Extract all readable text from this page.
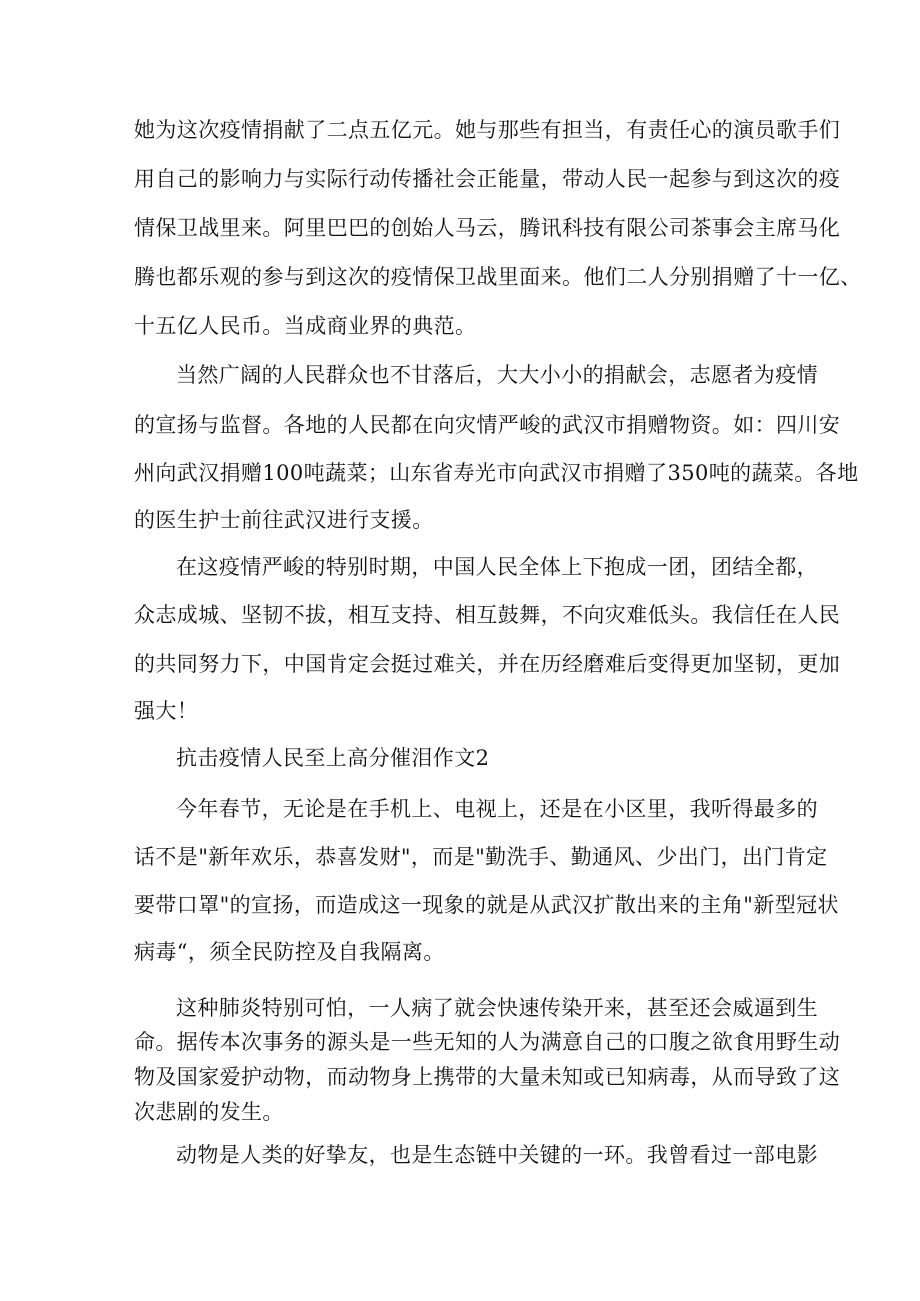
她为这次疫情捐献了二点五亿元。她与那些有担当，有责任心的演员歌手们
用自己的影响力与实际行动传播社会正能量，带动人民一起参与到这次的疫
情保卫战里来。阿里巴巴的创始人马云，腾讯科技有限公司茶事会主席马化
腾也都乐观的参与到这次的疫情保卫战里面来。他们二人分别捐赠了十一亿、
十五亿人民币。当成商业界的典范。
当然广阔的人民群众也不甘落后，大大小小的捐献会，志愿者为疫情
的宣扬与监督。各地的人民都在向灾情严峻的武汉市捐赠物资。如：四川安
州向武汉捐赠100吨蔬菜；山东省寿光市向武汉市捐赠了350吨的蔬菜。各地
的医生护士前往武汉进行支援。
在这疫情严峻的特别时期，中国人民全体上下抱成一团，团结全都，
众志成城、坚韧不拔，相互支持、相互鼓舞，不向灾难低头。我信任在人民
的共同努力下，中国肯定会挺过难关，并在历经磨难后变得更加坚韧，更加
强大！
抗击疫情人民至上高分催泪作文2
今年春节，无论是在手机上、电视上，还是在小区里，我听得最多的
话不是"新年欢乐，恭喜发财"，而是"勤洗手、勤通风、少出门，出门肯定
要带口罩"的宣扬，而造成这一现象的就是从武汉扩散出来的主角"新型冠状
病毒“，须全民防控及自我隔离。
这种肺炎特别可怕，一人病了就会快速传染开来，甚至还会威逼到生
命。据传本次事务的源头是一些无知的人为满意自己的口腹之欲食用野生动
物及国家爱护动物，而动物身上携带的大量未知或已知病毒，从而导致了这
次悲剧的发生。
动物是人类的好挚友，也是生态链中关键的一环。我曾看过一部电影
